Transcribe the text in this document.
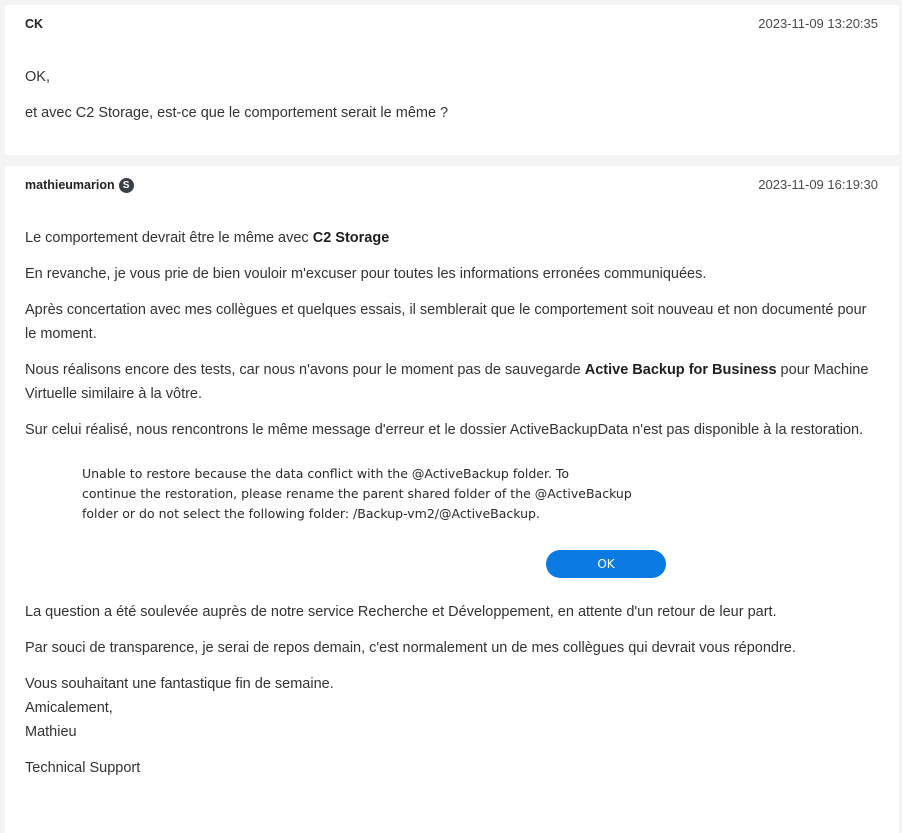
CK	2023-11-09 13:20:35

OK,

et avec C2 Storage, est-ce que le comportement serait le même ?

mathieumarion S	2023-11-09 16:19:30

Le comportement devrait être le même avec C2 Storage

En revanche, je vous prie de bien vouloir m'excuser pour toutes les informations erronées communiquées.

Après concertation avec mes collègues et quelques essais, il semblerait que le comportement soit nouveau et non documenté pour le moment.

Nous réalisons encore des tests, car nous n'avons pour le moment pas de sauvegarde Active Backup for Business pour Machine Virtuelle similaire à la vôtre.

Sur celui réalisé, nous rencontrons le même message d'erreur et le dossier ActiveBackupData n'est pas disponible à la restoration.

Unable to restore because the data conflict with the @ActiveBackup folder. To
continue the restoration, please rename the parent shared folder of the @ActiveBackup
folder or do not select the following folder: /Backup-vm2/@ActiveBackup.
OK

La question a été soulevée auprès de notre service Recherche et Développement, en attente d'un retour de leur part.

Par souci de transparence, je serai de repos demain, c'est normalement un de mes collègues qui devrait vous répondre.

Vous souhaitant une fantastique fin de semaine.

Amicalement,

Mathieu

Technical Support
